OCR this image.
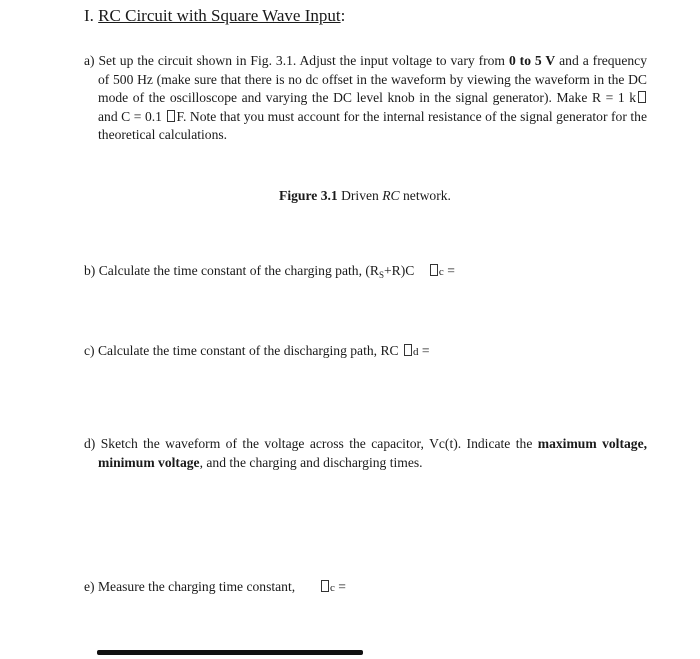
I. RC Circuit with Square Wave Input:
a) Set up the circuit shown in Fig. 3.1. Adjust the input voltage to vary from 0 to 5 V and a frequency of 500 Hz (make sure that there is no dc offset in the waveform by viewing the waveform in the DC mode of the oscilloscope and varying the DC level knob in the signal generator). Make R = 1 k and C = 0.1 F. Note that you must account for the internal resistance of the signal generator for the theoretical calculations.
Figure 3.1 Driven RC network.
b) Calculate the time constant of the charging path, $(R_S+R)C$ c =
c) Calculate the time constant of the discharging path, RC d =
d) Sketch the waveform of the voltage across the capacitor, Vc(t). Indicate the maximum voltage, minimum voltage, and the charging and discharging times.
e) Measure the charging time constant,	c =
